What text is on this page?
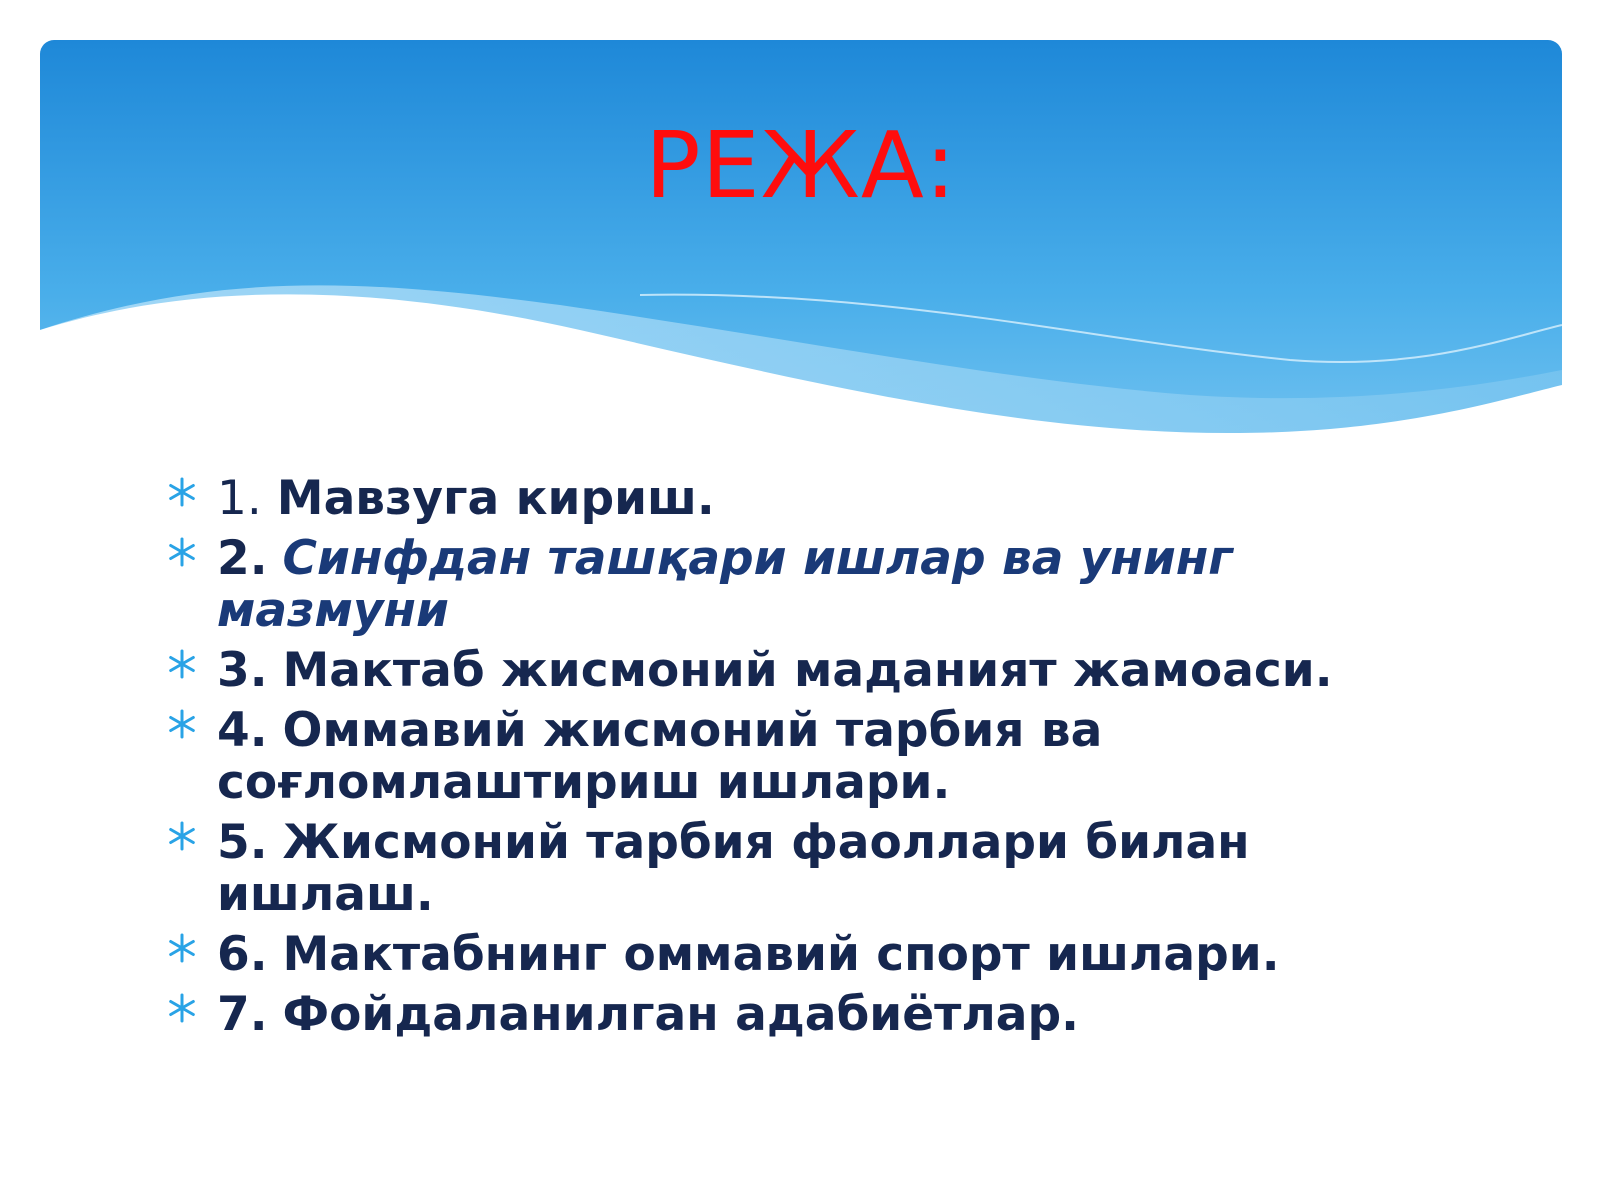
РЕЖА:
1. Мавзуга кириш.
2. Синфдан ташқари ишлар ва унинг мазмуни
3. Мактаб жисмоний маданият жамоаси.
4. Оммавий жисмоний тарбия ва соғломлаштириш ишлари.
5. Жисмоний тарбия фаоллари билан ишлаш.
6. Мактабнинг оммавий спорт ишлари.
7. Фойдаланилган адабиётлар.
